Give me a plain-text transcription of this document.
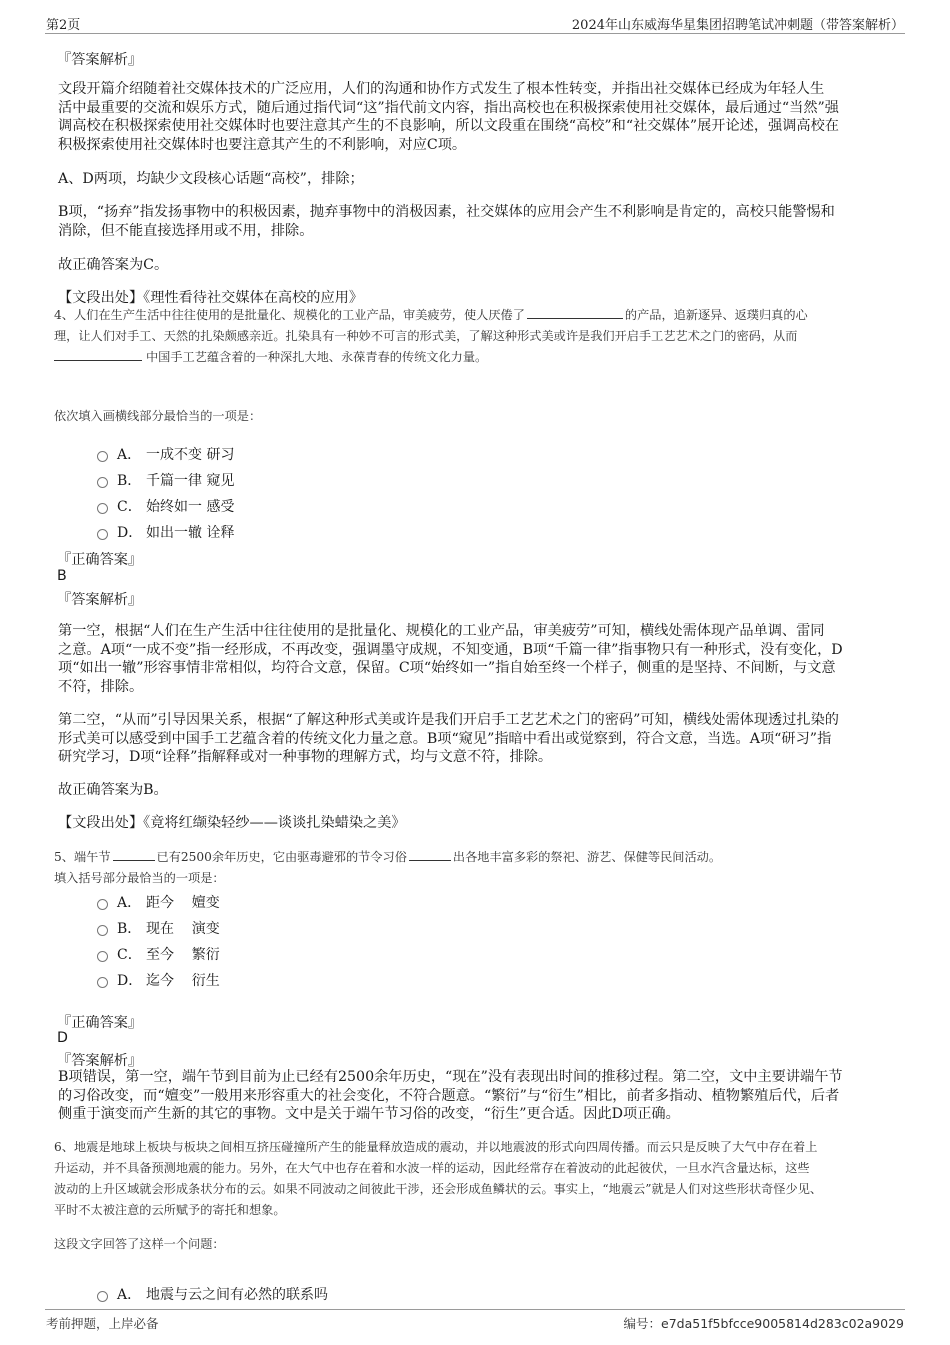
第2页	2024年山东威海华星集团招聘笔试冲刺题（带答案解析）
『答案解析』
文段开篇介绍随着社交媒体技术的广泛应用，人们的沟通和协作方式发生了根本性转变，并指出社交媒体已经成为年轻人生
活中最重要的交流和娱乐方式，随后通过指代词“这”指代前文内容，指出高校也在积极探索使用社交媒体，最后通过“当然”强
调高校在积极探索使用社交媒体时也要注意其产生的不良影响，所以文段重在围绕“高校”和“社交媒体”展开论述，强调高校在
积极探索使用社交媒体时也要注意其产生的不利影响，对应C项。
A、D两项，均缺少文段核心话题“高校”，排除；
B项，“扬弃”指发扬事物中的积极因素，抛弃事物中的消极因素，社交媒体的应用会产生不利影响是肯定的，高校只能警惕和
消除，但不能直接选择用或不用，排除。
故正确答案为C。
【文段出处】《理性看待社交媒体在高校的应用》
4、人们在生产生活中往往使用的是批量化、规模化的工业产品，审美疲劳，使人厌倦了	的产品，追新逐异、返璞归真的心
理，让人们对手工、天然的扎染颇感亲近。扎染具有一种妙不可言的形式美，了解这种形式美或许是我们开启手工艺艺术之门的密码，从而
中国手工艺蕴含着的一种深扎大地、永葆青春的传统文化力量。
依次填入画横线部分最恰当的一项是：
A． 一成不变 研习
B． 千篇一律 窥见
C． 始终如一 感受
D． 如出一辙 诠释
『正确答案』
B
『答案解析』
第一空，根据“人们在生产生活中往往使用的是批量化、规模化的工业产品，审美疲劳”可知，横线处需体现产品单调、雷同
之意。A项“一成不变”指一经形成，不再改变，强调墨守成规，不知变通，B项“千篇一律”指事物只有一种形式，没有变化，D
项“如出一辙”形容事情非常相似，均符合文意，保留。C项“始终如一”指自始至终一个样子，侧重的是坚持、不间断，与文意
不符，排除。
第二空，“从而”引导因果关系，根据“了解这种形式美或许是我们开启手工艺艺术之门的密码”可知，横线处需体现透过扎染的
形式美可以感受到中国手工艺蕴含着的传统文化力量之意。B项“窥见”指暗中看出或觉察到，符合文意，当选。A项“研习”指
研究学习，D项“诠释”指解释或对一种事物的理解方式，均与文意不符，排除。
故正确答案为B。
【文段出处】《竟将红缬染轻纱——谈谈扎染蜡染之美》
5、端午节	已有2500余年历史，它由驱毒避邪的节令习俗	出各地丰富多彩的祭祀、游艺、保健等民间活动。
填入括号部分最恰当的一项是：
A． 距今    嬗变
B． 现在    演变
C． 至今    繁衍
D． 迄今    衍生
『正确答案』
D
『答案解析』
B项错误，第一空，端午节到目前为止已经有2500余年历史，“现在”没有表现出时间的推移过程。第二空，文中主要讲端午节
的习俗改变，而“嬗变”一般用来形容重大的社会变化，不符合题意。“繁衍”与“衍生”相比，前者多指动、植物繁殖后代，后者
侧重于演变而产生新的其它的事物。文中是关于端午节习俗的改变，“衍生”更合适。因此D项正确。
6、地震是地球上板块与板块之间相互挤压碰撞所产生的能量释放造成的震动，并以地震波的形式向四周传播。而云只是反映了大气中存在着上
升运动，并不具备预测地震的能力。另外，在大气中也存在着和水波一样的运动，因此经常存在着波动的此起彼伏，一旦水汽含量达标，这些
波动的上升区域就会形成条状分布的云。如果不同波动之间彼此干涉，还会形成鱼鳞状的云。事实上，“地震云”就是人们对这些形状奇怪少见、
平时不太被注意的云所赋予的寄托和想象。
这段文字回答了这样一个问题：
A． 地震与云之间有必然的联系吗
考前押题，上岸必备	编号：e7da51f5bfcce9005814d283c02a9029
